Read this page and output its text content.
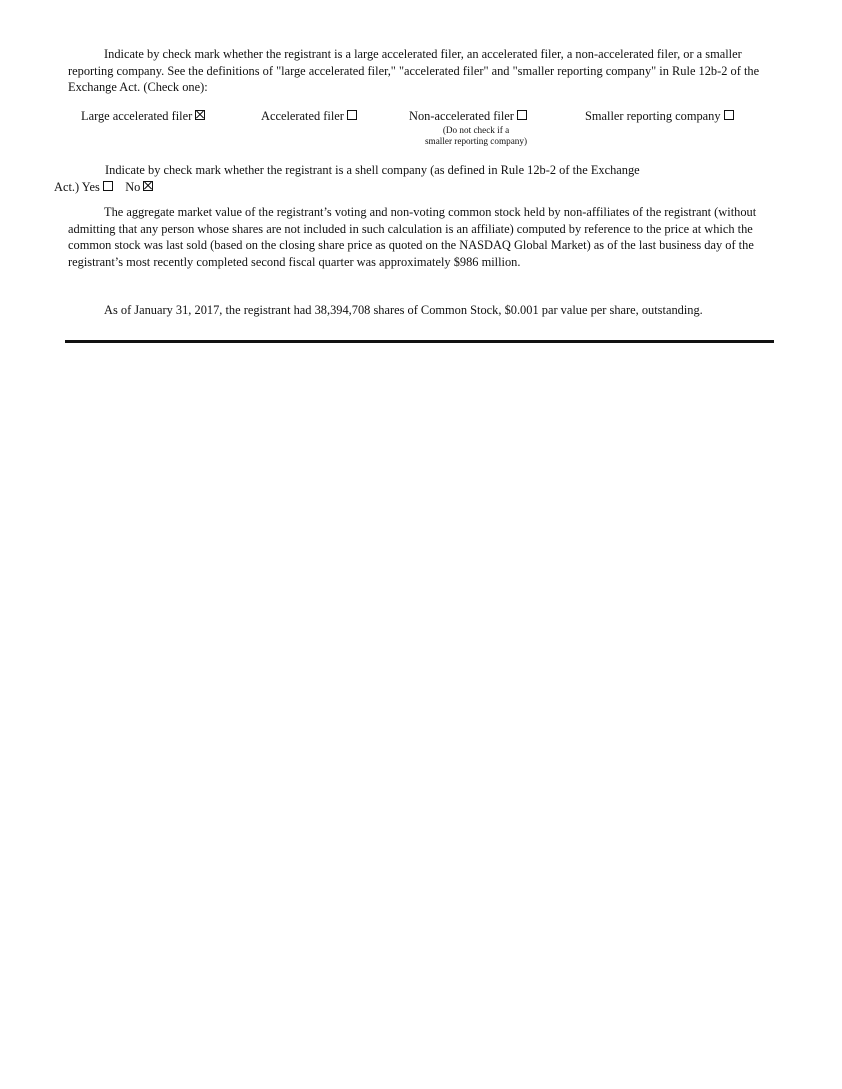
Indicate by check mark whether the registrant is a large accelerated filer, an accelerated filer, a non-accelerated filer, or a smaller reporting company. See the definitions of "large accelerated filer," "accelerated filer" and "smaller reporting company" in Rule 12b-2 of the Exchange Act. (Check one):

Large accelerated filer	Accelerated filer	Non-accelerated filer	Smaller reporting company
(Do not check if a
smaller reporting company)
Indicate by check mark whether the registrant is a shell company (as defined in Rule 12b-2 of the Exchange
Act.) Yes No

The aggregate market value of the registrant’s voting and non-voting common stock held by non-affiliates of the registrant (without admitting that any person whose shares are not included in such calculation is an affiliate) computed by reference to the price at which the common stock was last sold (based on the closing share price as quoted on the NASDAQ Global Market) as of the last business day of the registrant’s most recently completed second fiscal quarter was approximately $986 million.

As of January 31, 2017, the registrant had 38,394,708 shares of Common Stock, $0.001 par value per share, outstanding.
